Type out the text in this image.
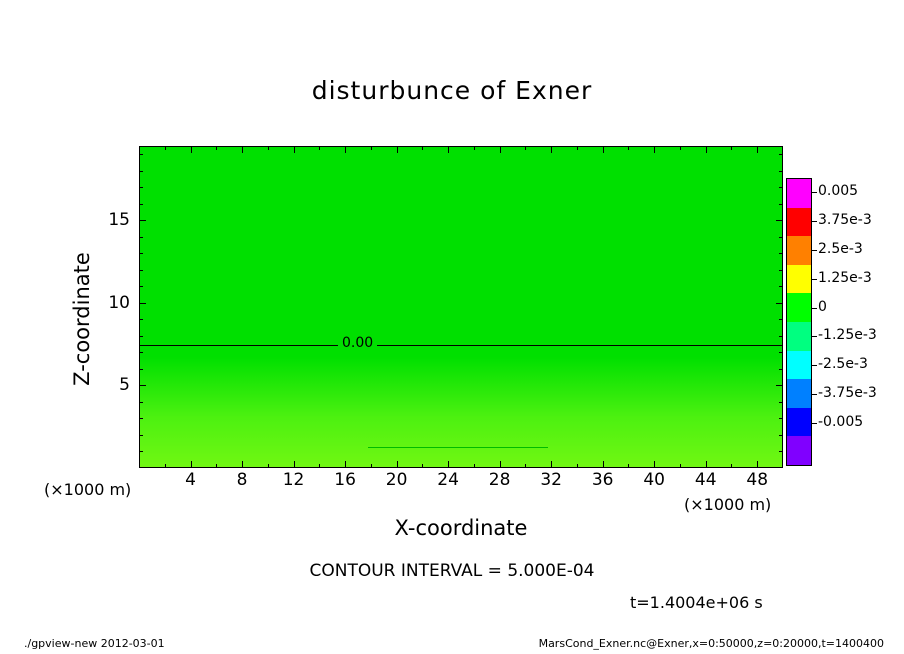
disturbunce of Exner
0.00
4	8	12	16	20	24	28	32	36	40	44	48
5
10
15
Z-coordinate
X-coordinate
(×1000 m)
(×1000 m)
0.005
3.75e-3
2.5e-3
1.25e-3
0
-1.25e-3
-2.5e-3
-3.75e-3
-0.005
CONTOUR INTERVAL = 5.000E-04
t=1.4004e+06 s
./gpview-new 2012-03-01	MarsCond_Exner.nc@Exner,x=0:50000,z=0:20000,t=1400400
